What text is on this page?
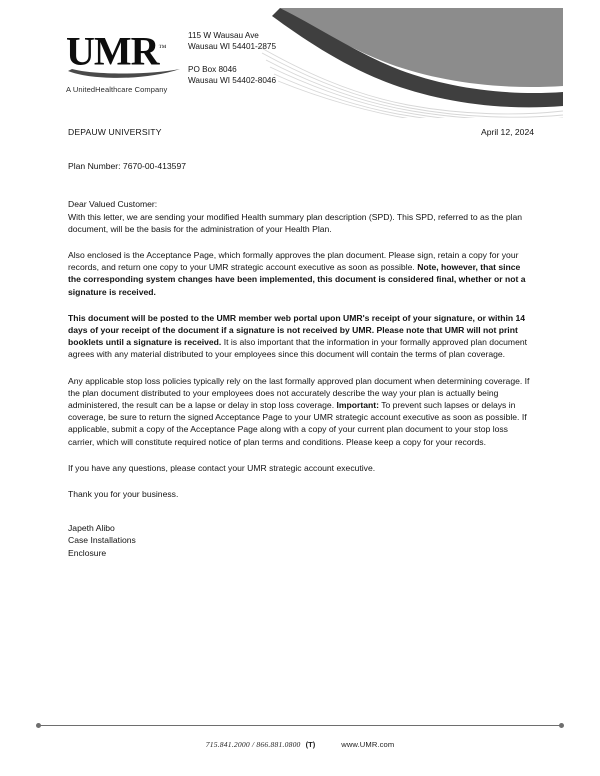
UMR™
A UnitedHealthcare Company
115 W Wausau Ave
Wausau WI 54401-2875
PO Box 8046
Wausau WI 54402-8046
DEPAUW UNIVERSITY	April 12, 2024
Plan Number: 7670-00-413597
Dear Valued Customer:

With this letter, we are sending your modified Health summary plan description (SPD). This SPD, referred to as the plan document, will be the basis for the administration of your Health Plan.

Also enclosed is the Acceptance Page, which formally approves the plan document. Please sign, retain a copy for your records, and return one copy to your UMR strategic account executive as soon as possible. Note, however, that since the corresponding system changes have been implemented, this document is considered final, whether or not a signature is received.

This document will be posted to the UMR member web portal upon UMR's receipt of your signature, or within 14 days of your receipt of the document if a signature is not received by UMR. Please note that UMR will not print booklets until a signature is received. It is also important that the information in your formally approved plan document agrees with any material distributed to your employees since this document will contain the terms of plan coverage.

Any applicable stop loss policies typically rely on the last formally approved plan document when determining coverage. If the plan document distributed to your employees does not accurately describe the way your plan is actually being administered, the result can be a lapse or delay in stop loss coverage. Important: To prevent such lapses or delays in coverage, be sure to return the signed Acceptance Page to your UMR strategic account executive as soon as possible. If applicable, submit a copy of the Acceptance Page along with a copy of your current plan document to your stop loss carrier, which will constitute required notice of plan terms and conditions. Please keep a copy for your records.

If you have any questions, please contact your UMR strategic account executive.

Thank you for your business.

Japeth Alibo
Case Installations
Enclosure
715.841.2000 / 866.881.0800 (T)	www.UMR.com
